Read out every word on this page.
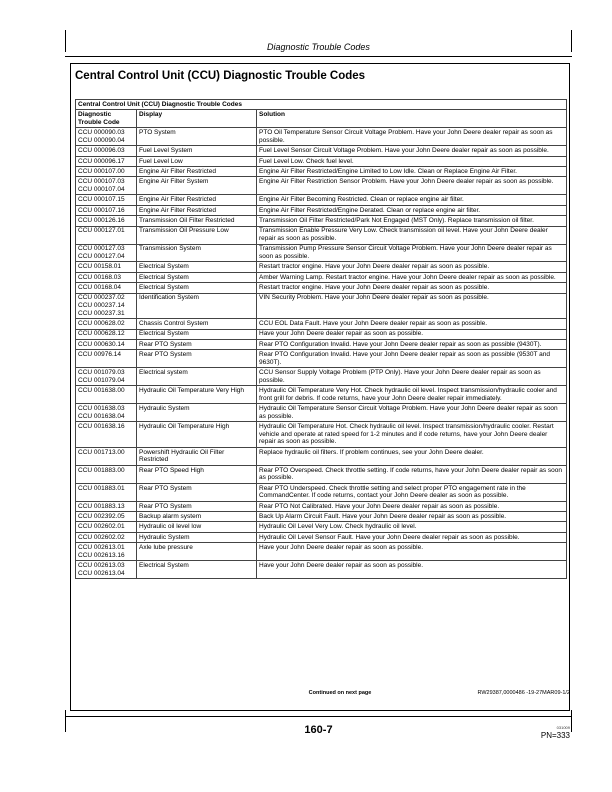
Diagnostic Trouble Codes
Central Control Unit (CCU) Diagnostic Trouble Codes
Central Control Unit (CCU) Diagnostic Trouble Codes		
Diagnostic Trouble Code	Display	Solution

CCU 000090.03
CCU 000090.04	PTO System	PTO Oil Temperature Sensor Circuit Voltage Problem. Have your John Deere dealer repair as soon as possible.

CCU 000096.03	Fuel Level System	Fuel Level Sensor Circuit Voltage Problem. Have your John Deere dealer repair as soon as possible.

CCU 000096.17	Fuel Level Low	Fuel Level Low. Check fuel level.

CCU 000107.00	Engine Air Filter Restricted	Engine Air Filter Restricted/Engine Limited to Low Idle. Clean or Replace Engine Air Filter.

CCU 000107.03
CCU 000107.04	Engine Air Filter System	Engine Air Filter Restriction Sensor Problem. Have your John Deere dealer repair as soon as possible.

CCU 000107.15	Engine Air Filter Restricted	Engine Air Filter Becoming Restricted. Clean or replace engine air filter.

CCU 000107.16	Engine Air Filter Restricted	Engine Air Filter Restricted/Engine Derated. Clean or replace engine air filter.

CCU 000126.16	Transmission Oil Filter Restricted	Transmission Oil Filter Restricted/Park Not Engaged (MST Only). Replace transmission oil filter.

CCU 000127.01	Transmission Oil Pressure Low	Transmission Enable Pressure Very Low. Check transmission oil level. Have your John Deere dealer repair as soon as possible.

CCU 000127.03
CCU 000127.04	Transmission System	Transmission Pump Pressure Sensor Circuit Voltage Problem. Have your John Deere dealer repair as soon as possible.

CCU 00158.01	Electrical System	Restart tractor engine. Have your John Deere dealer repair as soon as possible.

CCU 00168.03	Electrical System	Amber Warning Lamp. Restart tractor engine. Have your John Deere dealer repair as soon as possible.

CCU 00168.04	Electrical System	Restart tractor engine. Have your John Deere dealer repair as soon as possible.

CCU 000237.02
CCU 000237.14
CCU 000237.31	Identification System	VIN Security Problem. Have your John Deere dealer repair as soon as possible.

CCU 000628.02	Chassis Control System	CCU EOL Data Fault. Have your John Deere dealer repair as soon as possible.

CCU 000628.12	Electrical System	Have your John Deere dealer repair as soon as possible.

CCU 000630.14	Rear PTO System	Rear PTO Configuration Invalid. Have your John Deere dealer repair as soon as possible (9430T).

CCU 00976.14	Rear PTO System	Rear PTO Configuration Invalid. Have your John Deere dealer repair as soon as possible (9530T and 9630T).

CCU 001079.03
CCU 001079.04	Electrical system	CCU Sensor Supply Voltage Problem (PTP Only). Have your John Deere dealer repair as soon as possible.

CCU 001638.00	Hydraulic Oil Temperature Very High	Hydraulic Oil Temperature Very Hot. Check hydraulic oil level. Inspect transmission/hydraulic cooler and front grill for debris. If code returns, have your John Deere dealer repair immediately.

CCU 001638.03
CCU 001638.04	Hydraulic System	Hydraulic Oil Temperature Sensor Circuit Voltage Problem. Have your John Deere dealer repair as soon as possible.

CCU 001638.16	Hydraulic Oil Temperature High	Hydraulic Oil Temperature Hot. Check hydraulic oil level. Inspect transmission/hydraulic cooler. Restart vehicle and operate at rated speed for 1-2 minutes and if code returns, have your John Deere dealer repair as soon as possible.

CCU 001713.00	Powershift Hydraulic Oil Filter Restricted	Replace hydraulic oil filters. If problem continues, see your John Deere dealer.

CCU 001883.00	Rear PTO Speed High	Rear PTO Overspeed. Check throttle setting. If code returns, have your John Deere dealer repair as soon as possible.

CCU 001883.01	Rear PTO System	Rear PTO Underspeed. Check throttle setting and select proper PTO engagement rate in the CommandCenter. If code returns, contact your John Deere dealer as soon as possible.

CCU 001883.13	Rear PTO System	Rear PTO Not Calibrated. Have your John Deere dealer repair as soon as possible.

CCU 002392.05	Backup alarm system	Back Up Alarm Circuit Fault. Have your John Deere dealer repair as soon as possible.

CCU 002602.01	Hydraulic oil level low	Hydraulic Oil Level Very Low. Check hydraulic oil level.

CCU 002602.02	Hydraulic System	Hydraulic Oil Level Sensor Fault. Have your John Deere dealer repair as soon as possible.

CCU 002613.01
CCU 002613.16	Axle lube pressure	Have your John Deere dealer repair as soon as possible.

CCU 002613.03
CCU 002613.04	Electrical System	Have your John Deere dealer repair as soon as possible.
Continued on next page	RW29387,0000486 -19-27MAR09-1/2
160-7	031009
PN=333
